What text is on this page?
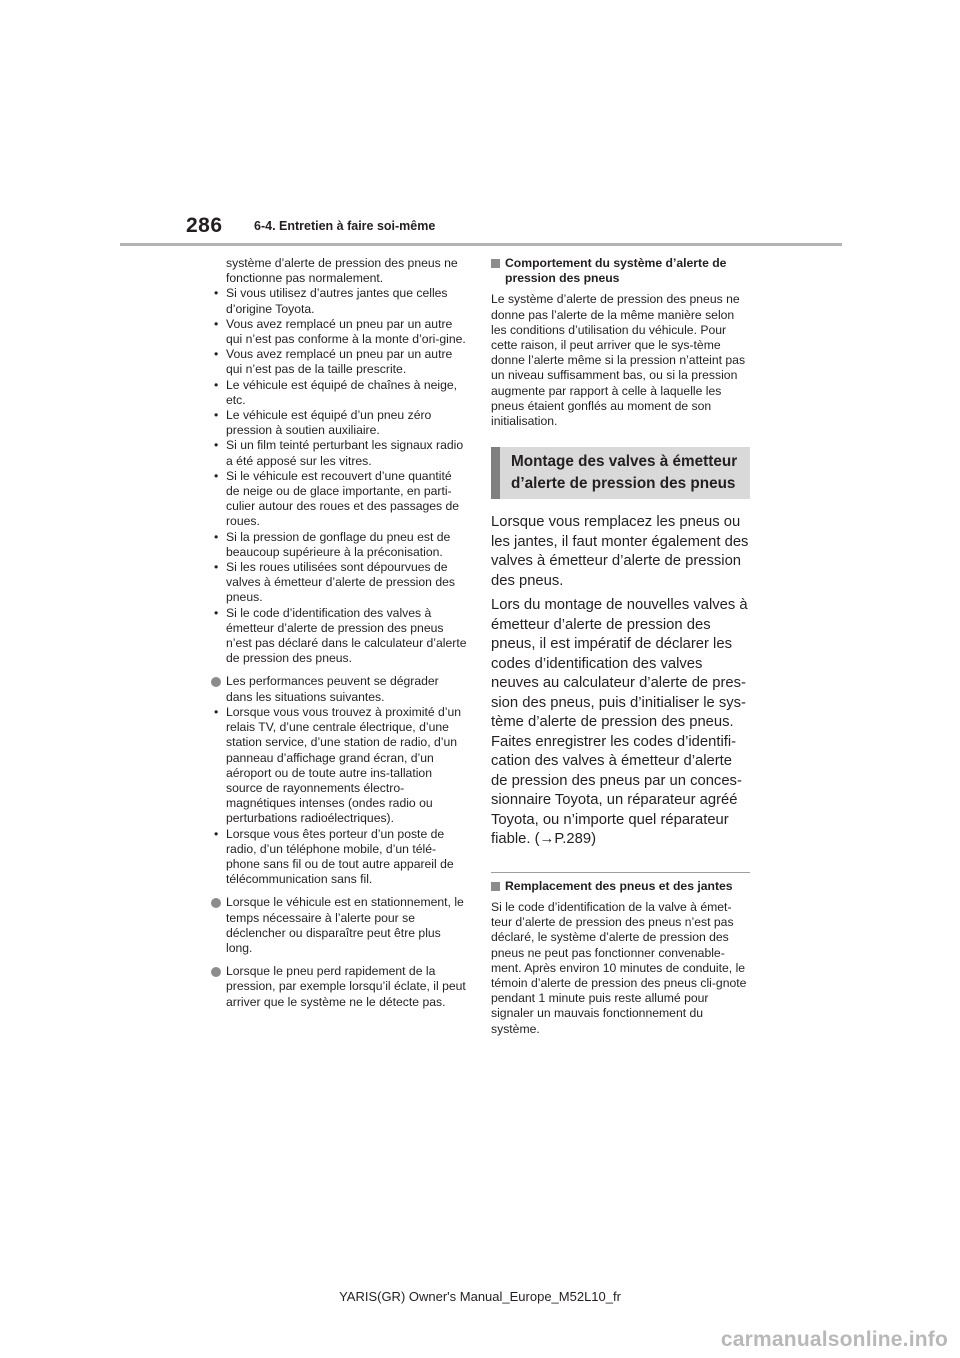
286	6-4. Entretien à faire soi-même

système d’alerte de pression des pneus ne fonctionne pas normalement.

• Si vous utilisez d’autres jantes que celles d’origine Toyota.
• Vous avez remplacé un pneu par un autre qui n’est pas conforme à la monte d’ori-gine.
• Vous avez remplacé un pneu par un autre qui n’est pas de la taille prescrite.
• Le véhicule est équipé de chaînes à neige, etc.
• Le véhicule est équipé d’un pneu zéro pression à soutien auxiliaire.
• Si un film teinté perturbant les signaux radio a été apposé sur les vitres.
• Si le véhicule est recouvert d’une quantité de neige ou de glace importante, en parti-culier autour des roues et des passages de roues.
• Si la pression de gonflage du pneu est de beaucoup supérieure à la préconisation.
• Si les roues utilisées sont dépourvues de valves à émetteur d’alerte de pression des pneus.
• Si le code d’identification des valves à émetteur d’alerte de pression des pneus n’est pas déclaré dans le calculateur d’alerte de pression des pneus.
Les performances peuvent se dégrader dans les situations suivantes.
• Lorsque vous vous trouvez à proximité d’un relais TV, d’une centrale électrique, d’une station service, d’une station de radio, d’un panneau d’affichage grand écran, d’un aéroport ou de toute autre ins-tallation source de rayonnements électro-magnétiques intenses (ondes radio ou perturbations radioélectriques).
• Lorsque vous êtes porteur d’un poste de radio, d’un téléphone mobile, d’un télé-phone sans fil ou de tout autre appareil de télécommunication sans fil.
Lorsque le véhicule est en stationnement, le temps nécessaire à l’alerte pour se déclencher ou disparaître peut être plus long.
Lorsque le pneu perd rapidement de la pression, par exemple lorsqu’il éclate, il peut arriver que le système ne le détecte pas.
Comportement du système d’alerte de pression des pneus

Le système d’alerte de pression des pneus ne donne pas l’alerte de la même manière selon les conditions d’utilisation du véhicule. Pour cette raison, il peut arriver que le sys-tème donne l’alerte même si la pression n’atteint pas un niveau suffisamment bas, ou si la pression augmente par rapport à celle à laquelle les pneus étaient gonflés au moment de son initialisation.

Montage des valves à émetteur d’alerte de pression des pneus

Lorsque vous remplacez les pneus ou les jantes, il faut monter également des valves à émetteur d’alerte de pression des pneus.

Lors du montage de nouvelles valves à émetteur d’alerte de pression des pneus, il est impératif de déclarer les codes d’identification des valves neuves au calculateur d’alerte de pres-sion des pneus, puis d’initialiser le sys-tème d’alerte de pression des pneus. Faites enregistrer les codes d’identifi-cation des valves à émetteur d’alerte de pression des pneus par un conces-sionnaire Toyota, un réparateur agréé Toyota, ou n’importe quel réparateur fiable. (→P.289)

Remplacement des pneus et des jantes

Si le code d’identification de la valve à émet-teur d’alerte de pression des pneus n’est pas déclaré, le système d’alerte de pression des pneus ne peut pas fonctionner convenable-ment. Après environ 10 minutes de conduite, le témoin d’alerte de pression des pneus cli-gnote pendant 1 minute puis reste allumé pour signaler un mauvais fonctionnement du système.

YARIS(GR) Owner's Manual_Europe_M52L10_fr
carmanualsonline.info
